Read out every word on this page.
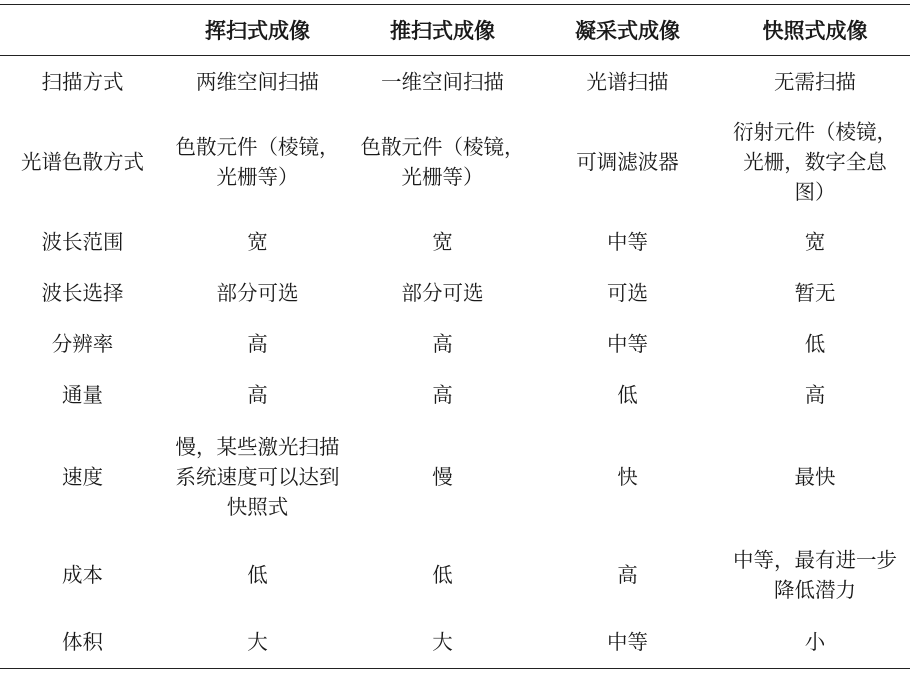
	挥扫式成像	推扫式成像	凝采式成像	快照式成像
扫描方式	两维空间扫描	一维空间扫描	光谱扫描	无需扫描
光谱色散方式	色散元件（棱镜，光栅等）	色散元件（棱镜，光栅等）	可调滤波器	衍射元件（棱镜，光栅，数字全息图）
波长范围	宽	宽	中等	宽
波长选择	部分可选	部分可选	可选	暂无
分辨率	高	高	中等	低
通量	高	高	低	高
速度	慢，某些激光扫描系统速度可以达到快照式	慢	快	最快
成本	低	低	高	中等，最有进一步降低潜力
体积	大	大	中等	小
